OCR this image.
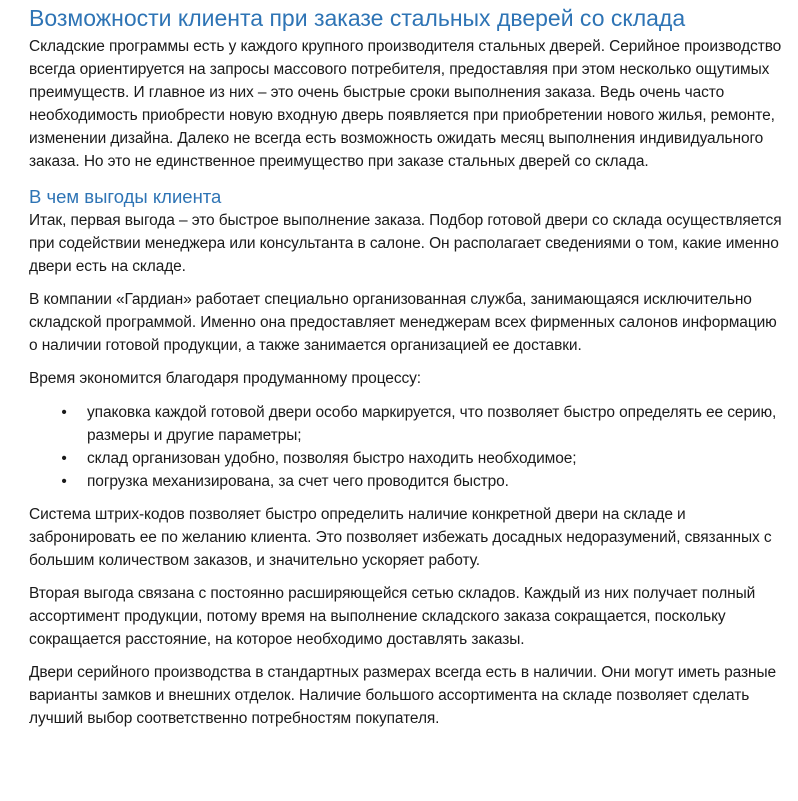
Возможности клиента при заказе стальных дверей со склада

Складские программы есть у каждого крупного производителя стальных дверей. Серийное производство всегда ориентируется на запросы массового потребителя, предоставляя при этом несколько ощутимых преимуществ. И главное из них – это очень быстрые сроки выполнения заказа. Ведь очень часто необходимость приобрести новую входную дверь появляется при приобретении нового жилья, ремонте, изменении дизайна. Далеко не всегда есть возможность ожидать месяц выполнения индивидуального заказа. Но это не единственное преимущество при заказе стальных дверей со склада.

В чем выгоды клиента

Итак, первая выгода – это быстрое выполнение заказа. Подбор готовой двери со склада осуществляется при содействии менеджера или консультанта в салоне. Он располагает сведениями о том, какие именно двери есть на складе.

В компании «Гардиан» работает специально организованная служба, занимающаяся исключительно складской программой. Именно она предоставляет менеджерам всех фирменных салонов информацию о наличии готовой продукции, а также занимается организацией ее доставки.

Время экономится благодаря продуманному процессу:

• упаковка каждой готовой двери особо маркируется, что позволяет быстро определять ее серию, размеры и другие параметры;
• склад организован удобно, позволяя быстро находить необходимое;
• погрузка механизирована, за счет чего проводится быстро.

Система штрих-кодов позволяет быстро определить наличие конкретной двери на складе и забронировать ее по желанию клиента. Это позволяет избежать досадных недоразумений, связанных с большим количеством заказов, и значительно ускоряет работу.

Вторая выгода связана с постоянно расширяющейся сетью складов. Каждый из них получает полный ассортимент продукции, потому время на выполнение складского заказа сокращается, поскольку сокращается расстояние, на которое необходимо доставлять заказы.

Двери серийного производства в стандартных размерах всегда есть в наличии. Они могут иметь разные варианты замков и внешних отделок. Наличие большого ассортимента на складе позволяет сделать лучший выбор соответственно потребностям покупателя.
